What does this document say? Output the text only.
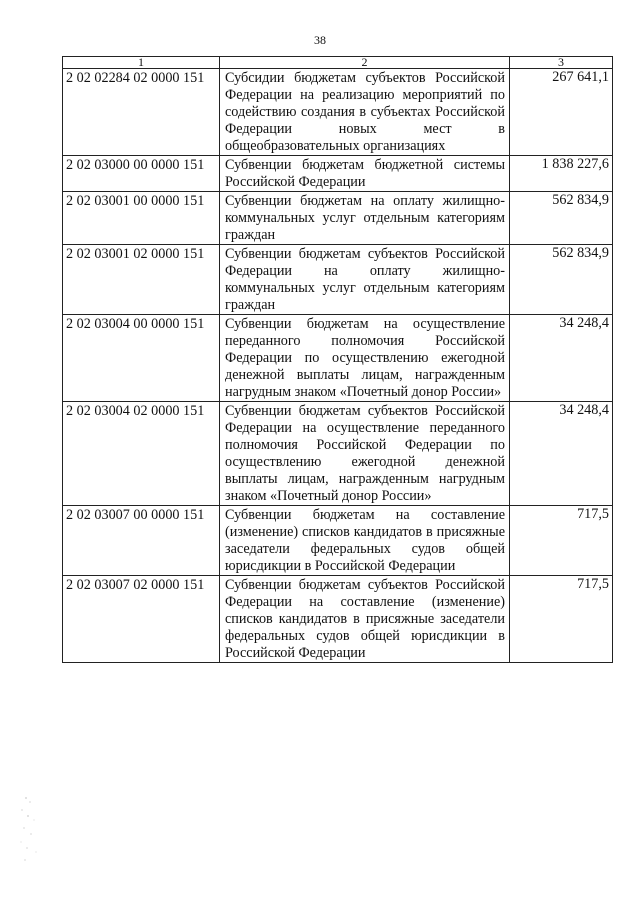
38
1	2	3
2 02 02284 02 0000 151	Субсидии бюджетам субъектов Российской Федерации на реализацию мероприятий по содействию создания в субъектах Российской Федерации новых мест в общеобразовательных организациях	267 641,1
2 02 03000 00 0000 151	Субвенции бюджетам бюджетной системы Российской Федерации	1 838 227,6
2 02 03001 00 0000 151	Субвенции бюджетам на оплату жилищно-коммунальных услуг отдельным категориям граждан	562 834,9
2 02 03001 02 0000 151	Субвенции бюджетам субъектов Российской Федерации на оплату жилищно-коммунальных услуг отдельным категориям граждан	562 834,9
2 02 03004 00 0000 151	Субвенции бюджетам на осуществление переданного полномочия Российской Федерации по осуществлению ежегодной денежной выплаты лицам, награжденным нагрудным знаком «Почетный донор России»	34 248,4
2 02 03004 02 0000 151	Субвенции бюджетам субъектов Российской Федерации на осуществление переданного полномочия Российской Федерации по осуществлению ежегодной денежной выплаты лицам, награжденным нагрудным знаком «Почетный донор России»	34 248,4
2 02 03007 00 0000 151	Субвенции бюджетам на составление (изменение) списков кандидатов в присяжные заседатели федеральных судов общей юрисдикции в Российской Федерации	717,5
2 02 03007 02 0000 151	Субвенции бюджетам субъектов Российской Федерации на составление (изменение) списков кандидатов в присяжные заседатели федеральных судов общей юрисдикции в Российской Федерации	717,5
